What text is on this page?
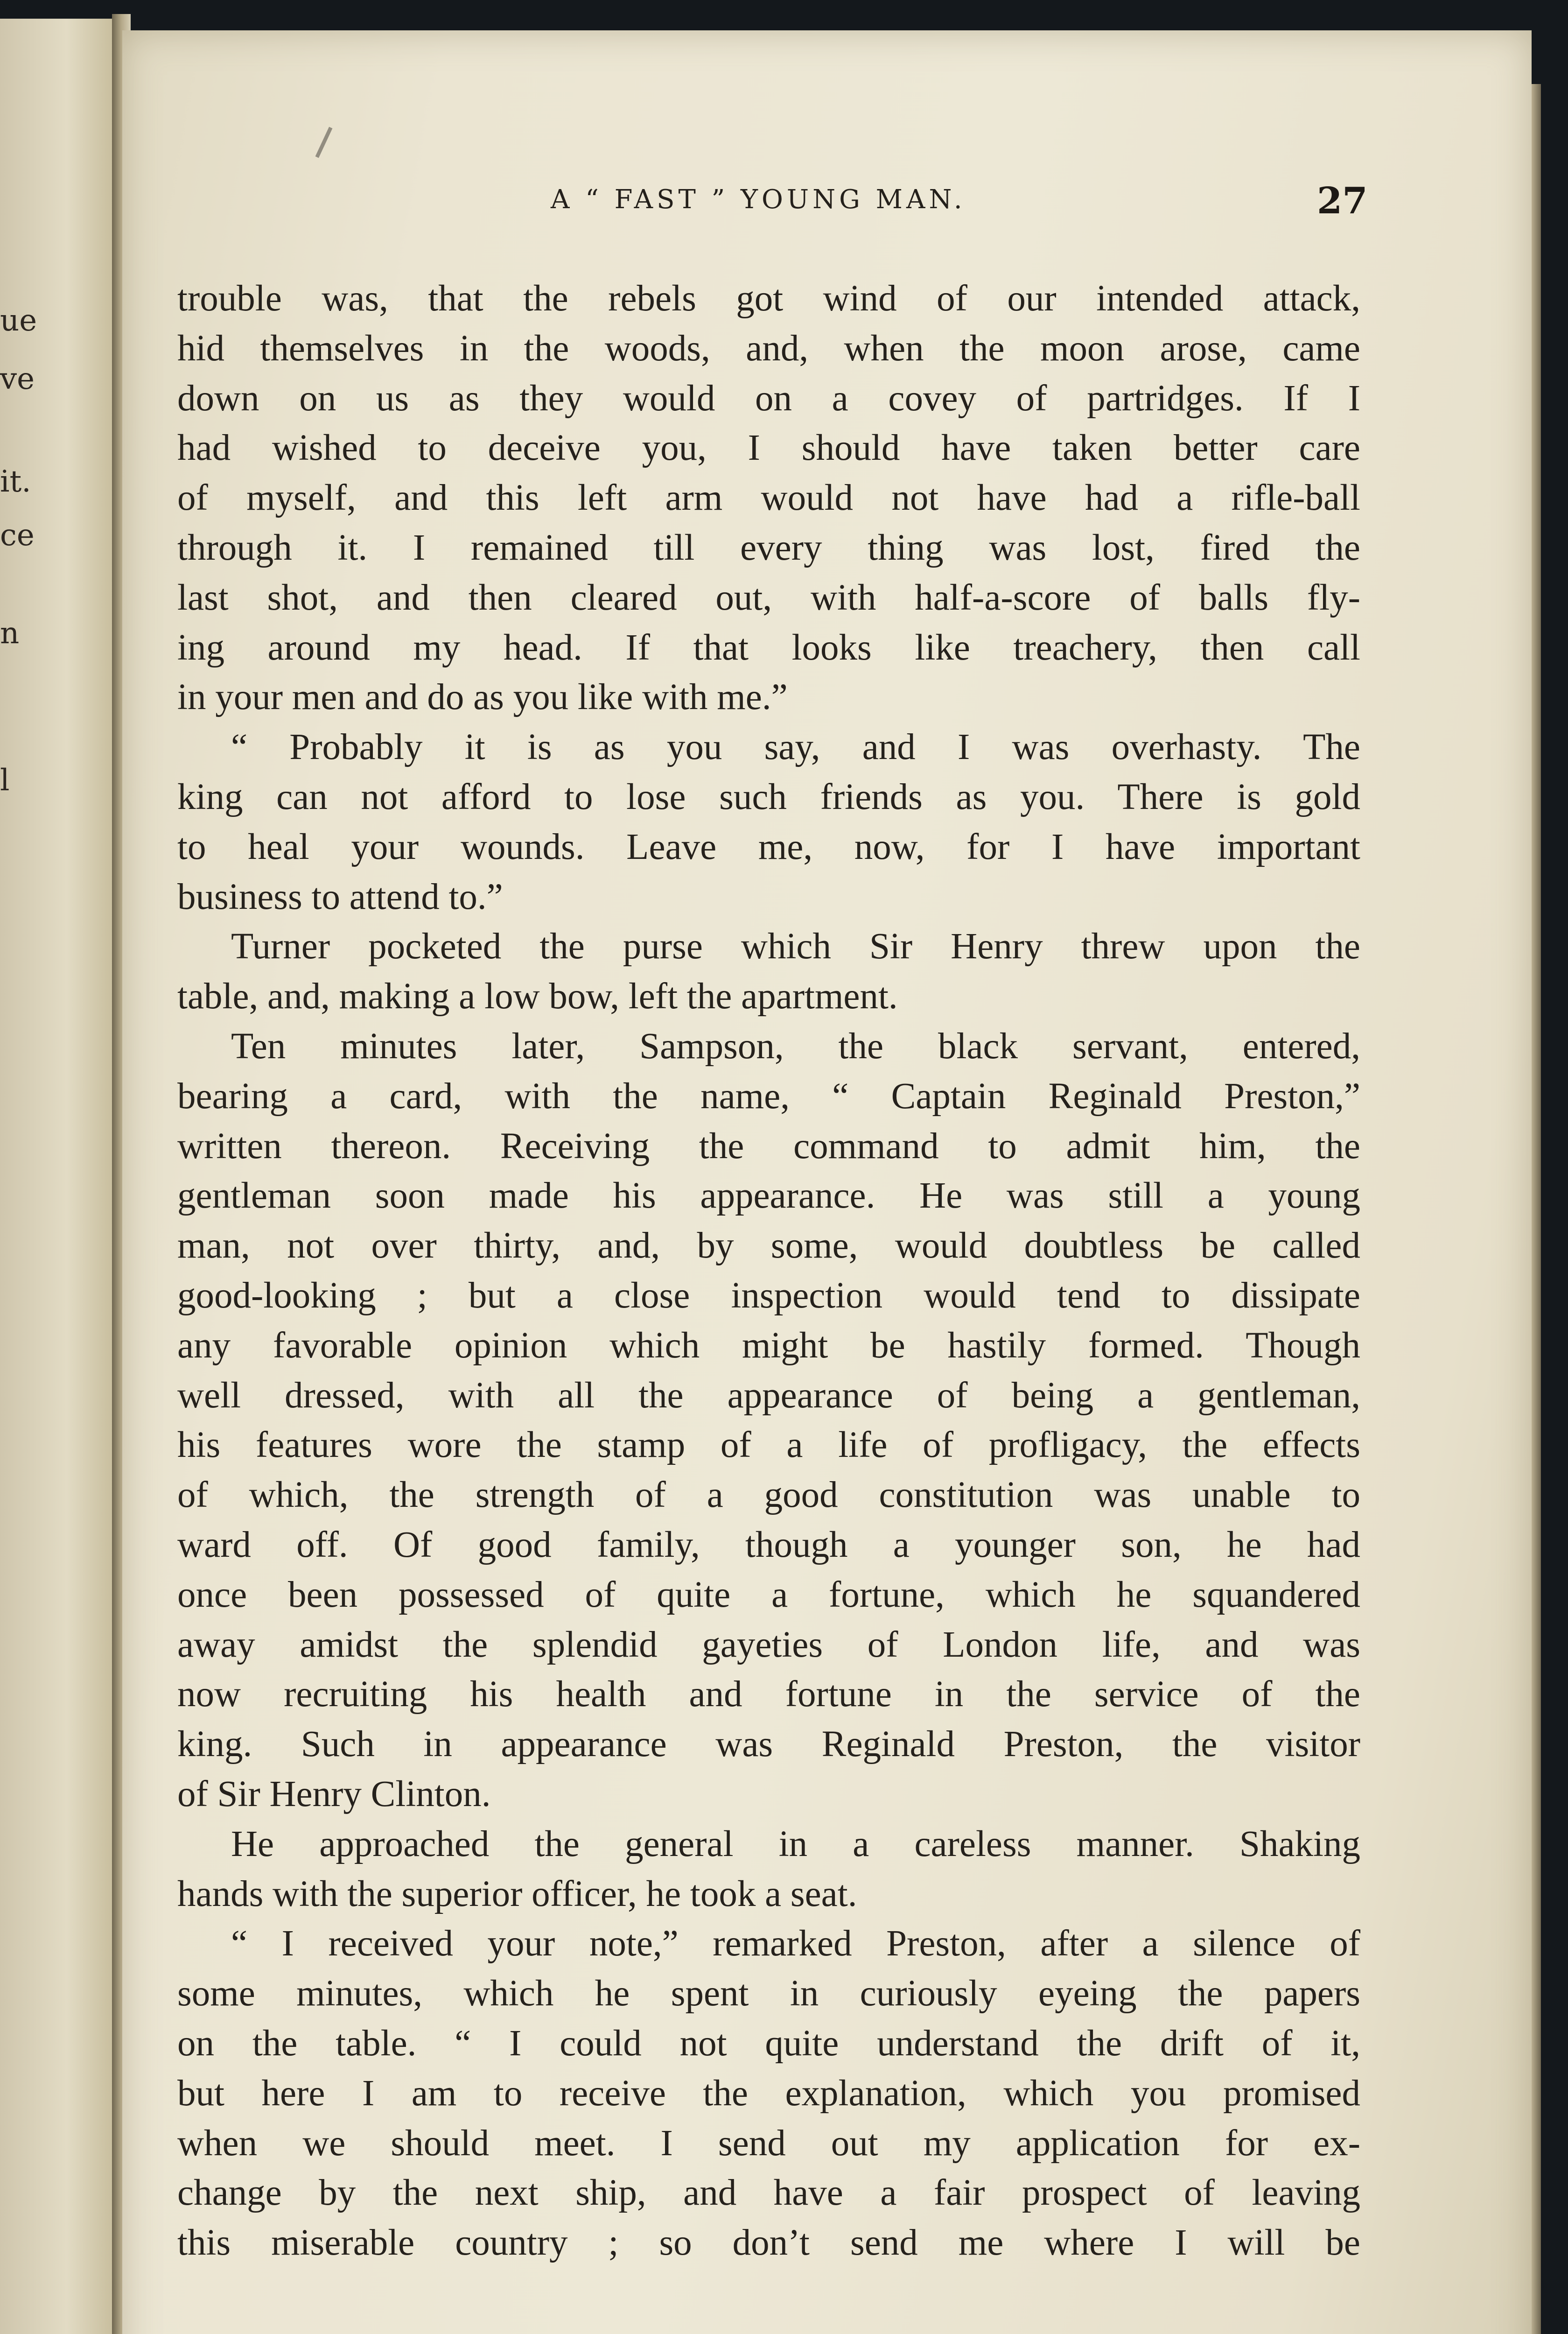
ue
ve
it.
ce
n
l
A “ FAST ” YOUNG MAN.	27
trouble was, that the rebels got wind of our intended attack,
hid themselves in the woods, and, when the moon arose, came
down on us as they would on a covey of partridges. If I
had wished to deceive you, I should have taken better care
of myself, and this left arm would not have had a rifle-ball
through it. I remained till every thing was lost, fired the
last shot, and then cleared out, with half-a-score of balls fly-
ing around my head. If that looks like treachery, then call
in your men and do as you like with me.”
“ Probably it is as you say, and I was overhasty. The
king can not afford to lose such friends as you. There is gold
to heal your wounds. Leave me, now, for I have important
business to attend to.”
Turner pocketed the purse which Sir Henry threw upon the
table, and, making a low bow, left the apartment.
Ten minutes later, Sampson, the black servant, entered,
bearing a card, with the name, “ Captain Reginald Preston,”
written thereon. Receiving the command to admit him, the
gentleman soon made his appearance. He was still a young
man, not over thirty, and, by some, would doubtless be called
good-looking ; but a close inspection would tend to dissipate
any favorable opinion which might be hastily formed. Though
well dressed, with all the appearance of being a gentleman,
his features wore the stamp of a life of profligacy, the effects
of which, the strength of a good constitution was unable to
ward off. Of good family, though a younger son, he had
once been possessed of quite a fortune, which he squandered
away amidst the splendid gayeties of London life, and was
now recruiting his health and fortune in the service of the
king. Such in appearance was Reginald Preston, the visitor
of Sir Henry Clinton.
He approached the general in a careless manner. Shaking
hands with the superior officer, he took a seat.
“ I received your note,” remarked Preston, after a silence of
some minutes, which he spent in curiously eyeing the papers
on the table. “ I could not quite understand the drift of it,
but here I am to receive the explanation, which you promised
when we should meet. I send out my application for ex-
change by the next ship, and have a fair prospect of leaving
this miserable country ; so don’t send me where I will be
